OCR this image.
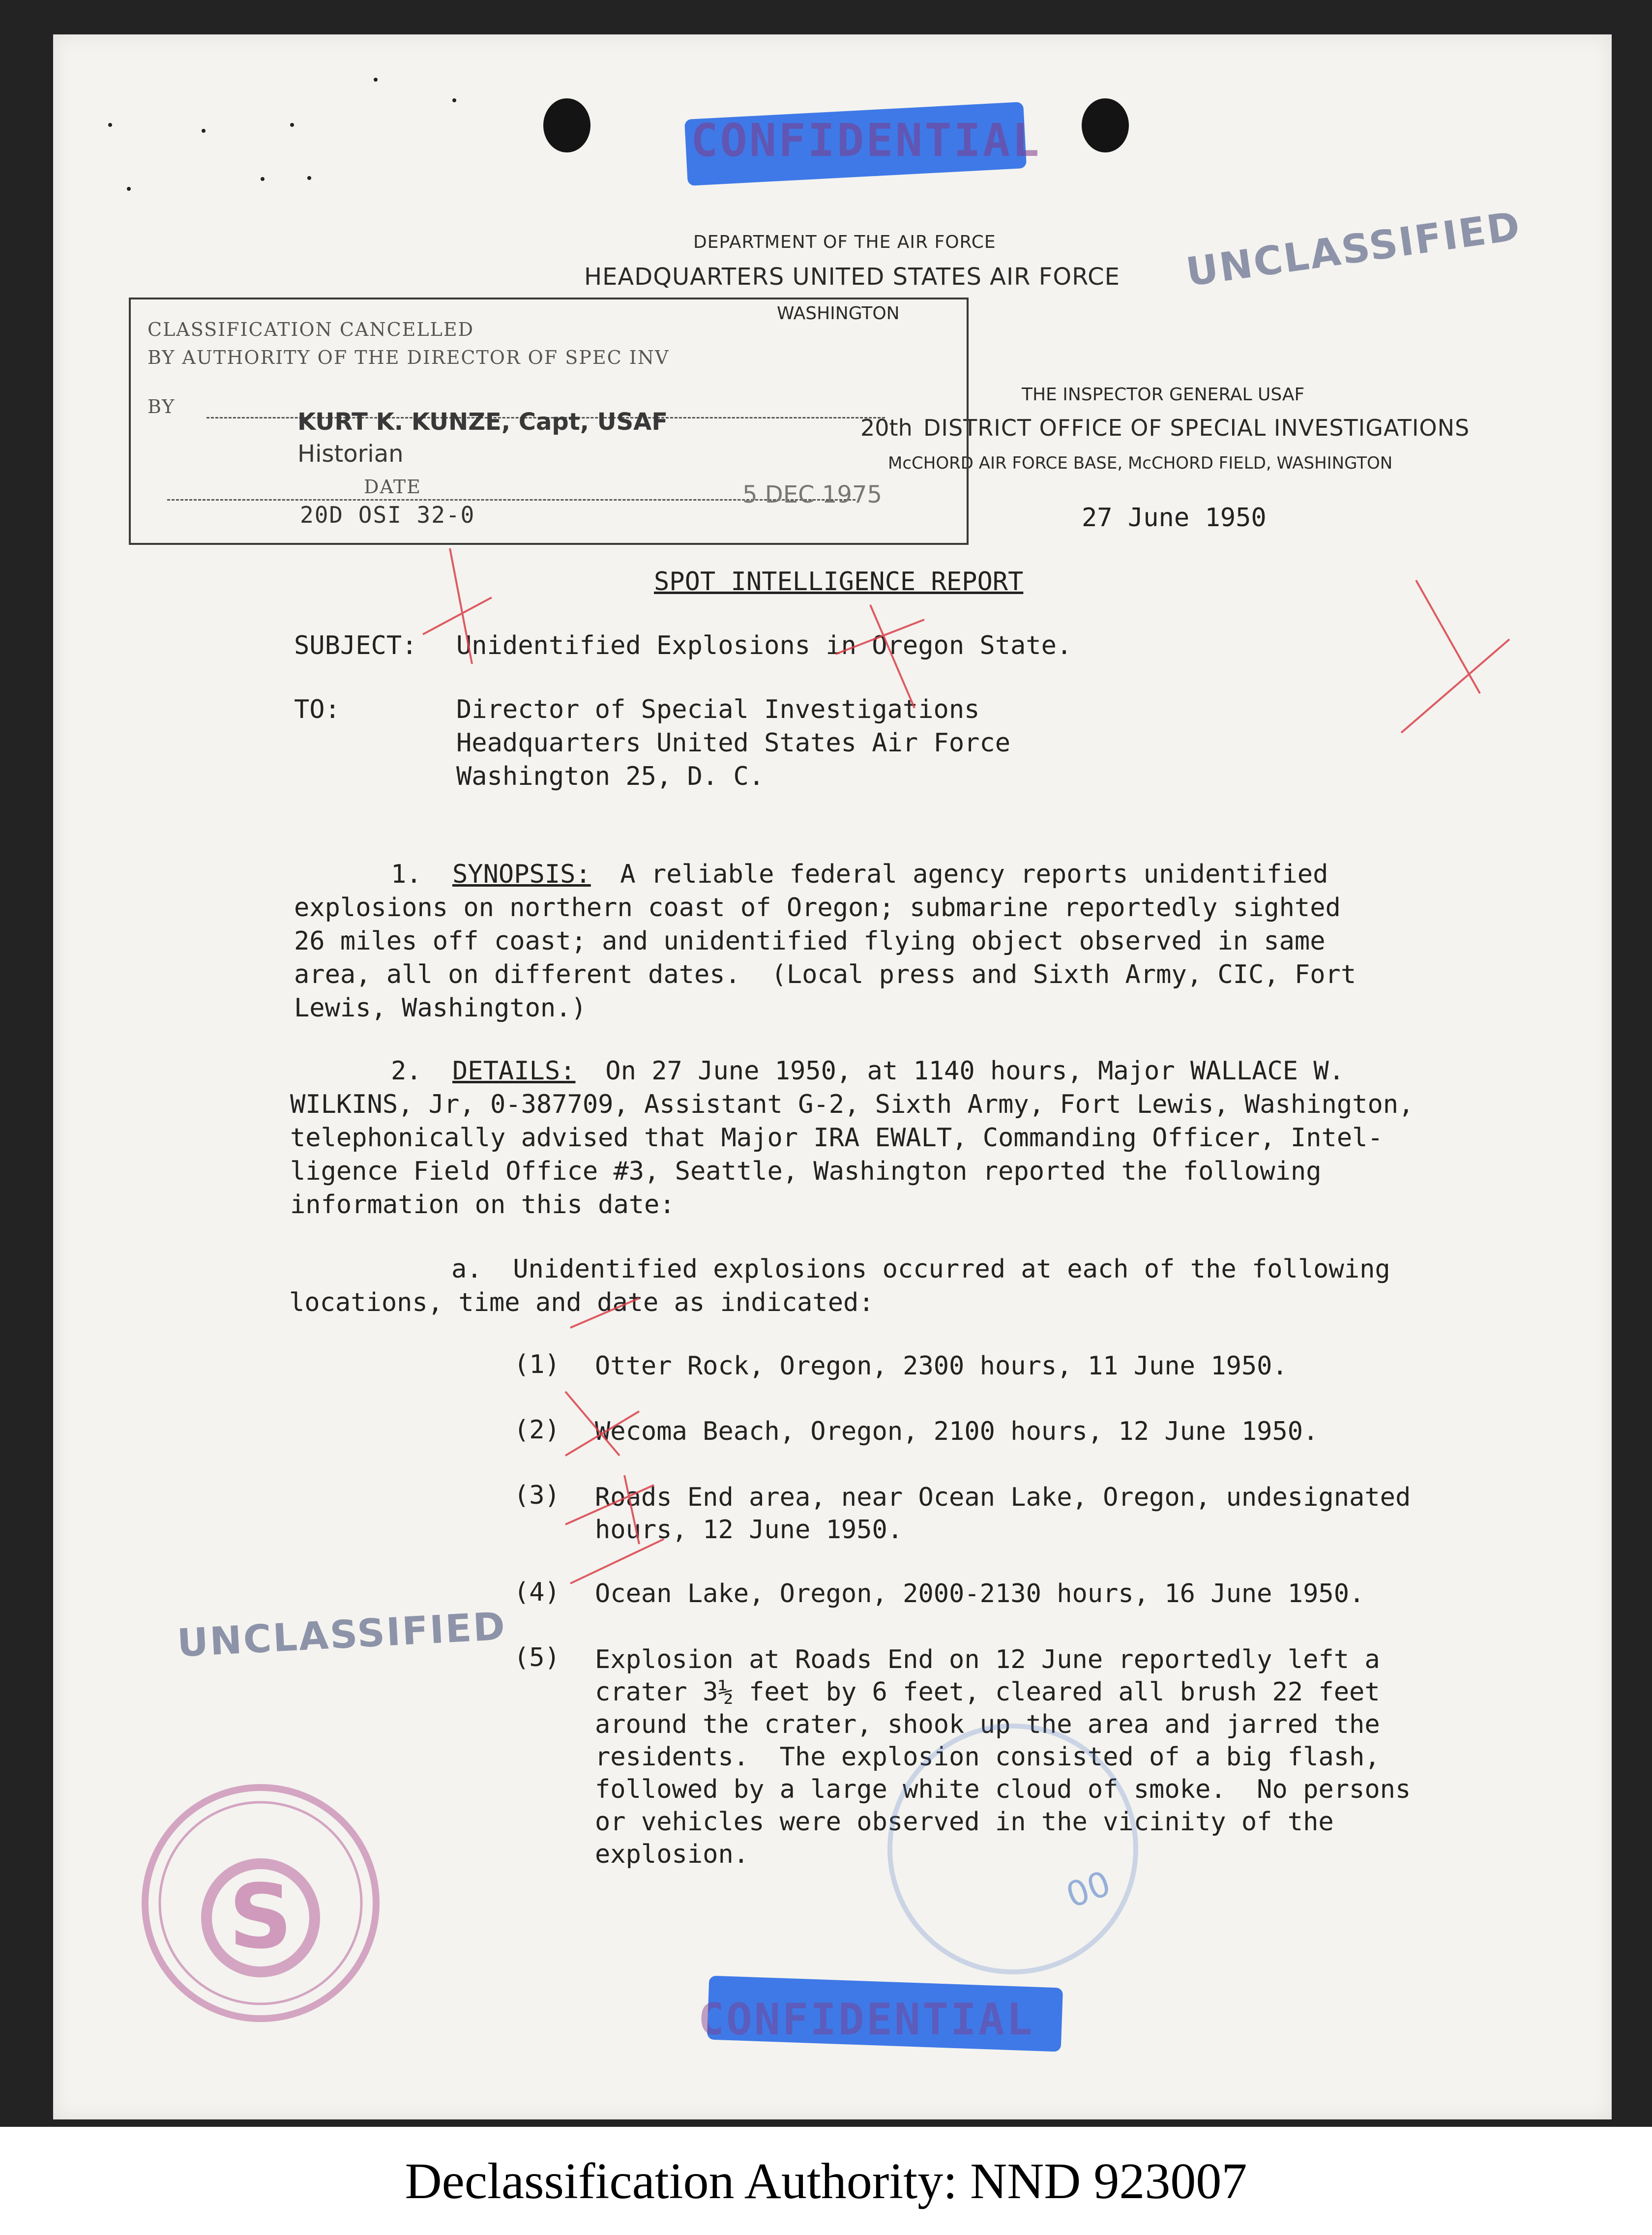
CONFIDENTIAL
DEPARTMENT OF THE AIR FORCE
HEADQUARTERS UNITED STATES AIR FORCE
WASHINGTON
THE INSPECTOR GENERAL USAF
20th DISTRICT OFFICE OF SPECIAL INVESTIGATIONS
McCHORD AIR FORCE BASE, McCHORD FIELD, WASHINGTON
UNCLASSIFIED
UNCLASSIFIED
CLASSIFICATION CANCELLED
BY AUTHORITY OF THE DIRECTOR OF SPEC INV
BY
KURT K. KUNZE, Capt, USAF
Historian
DATE	5 DEC 1975
20D OSI 32-0	27 June 1950
SPOT INTELLIGENCE REPORT
SUBJECT: Unidentified Explosions in Oregon State.
TO:	Director of Special Investigations
Headquarters United States Air Force
Washington 25, D. C.
1. SYNOPSIS: A reliable federal agency reports unidentified
explosions on northern coast of Oregon; submarine reportedly sighted
26 miles off coast; and unidentified flying object observed in same
area, all on different dates.  (Local press and Sixth Army, CIC, Fort
Lewis, Washington.)
2. DETAILS: On 27 June 1950, at 1140 hours, Major WALLACE W.
WILKINS, Jr, 0-387709, Assistant G-2, Sixth Army, Fort Lewis, Washington,
telephonically advised that Major IRA EWALT, Commanding Officer, Intel-
ligence Field Office #3, Seattle, Washington reported the following
information on this date:
a.  Unidentified explosions occurred at each of the following
locations, time and date as indicated:
(1) Otter Rock, Oregon, 2300 hours, 11 June 1950.
(2) Wecoma Beach, Oregon, 2100 hours, 12 June 1950.
(3) Roads End area, near Ocean Lake, Oregon, undesignated
hours, 12 June 1950.
(4) Ocean Lake, Oregon, 2000-2130 hours, 16 June 1950.
(5) Explosion at Roads End on 12 June reportedly left a
crater 3½ feet by 6 feet, cleared all brush 22 feet
around the crater, shook up the area and jarred the
residents.  The explosion consisted of a big flash,
followed by a large white cloud of smoke.  No persons
or vehicles were observed in the vicinity of the
explosion.
S	00
CONFIDENTIAL
Declassification Authority: NND 923007
